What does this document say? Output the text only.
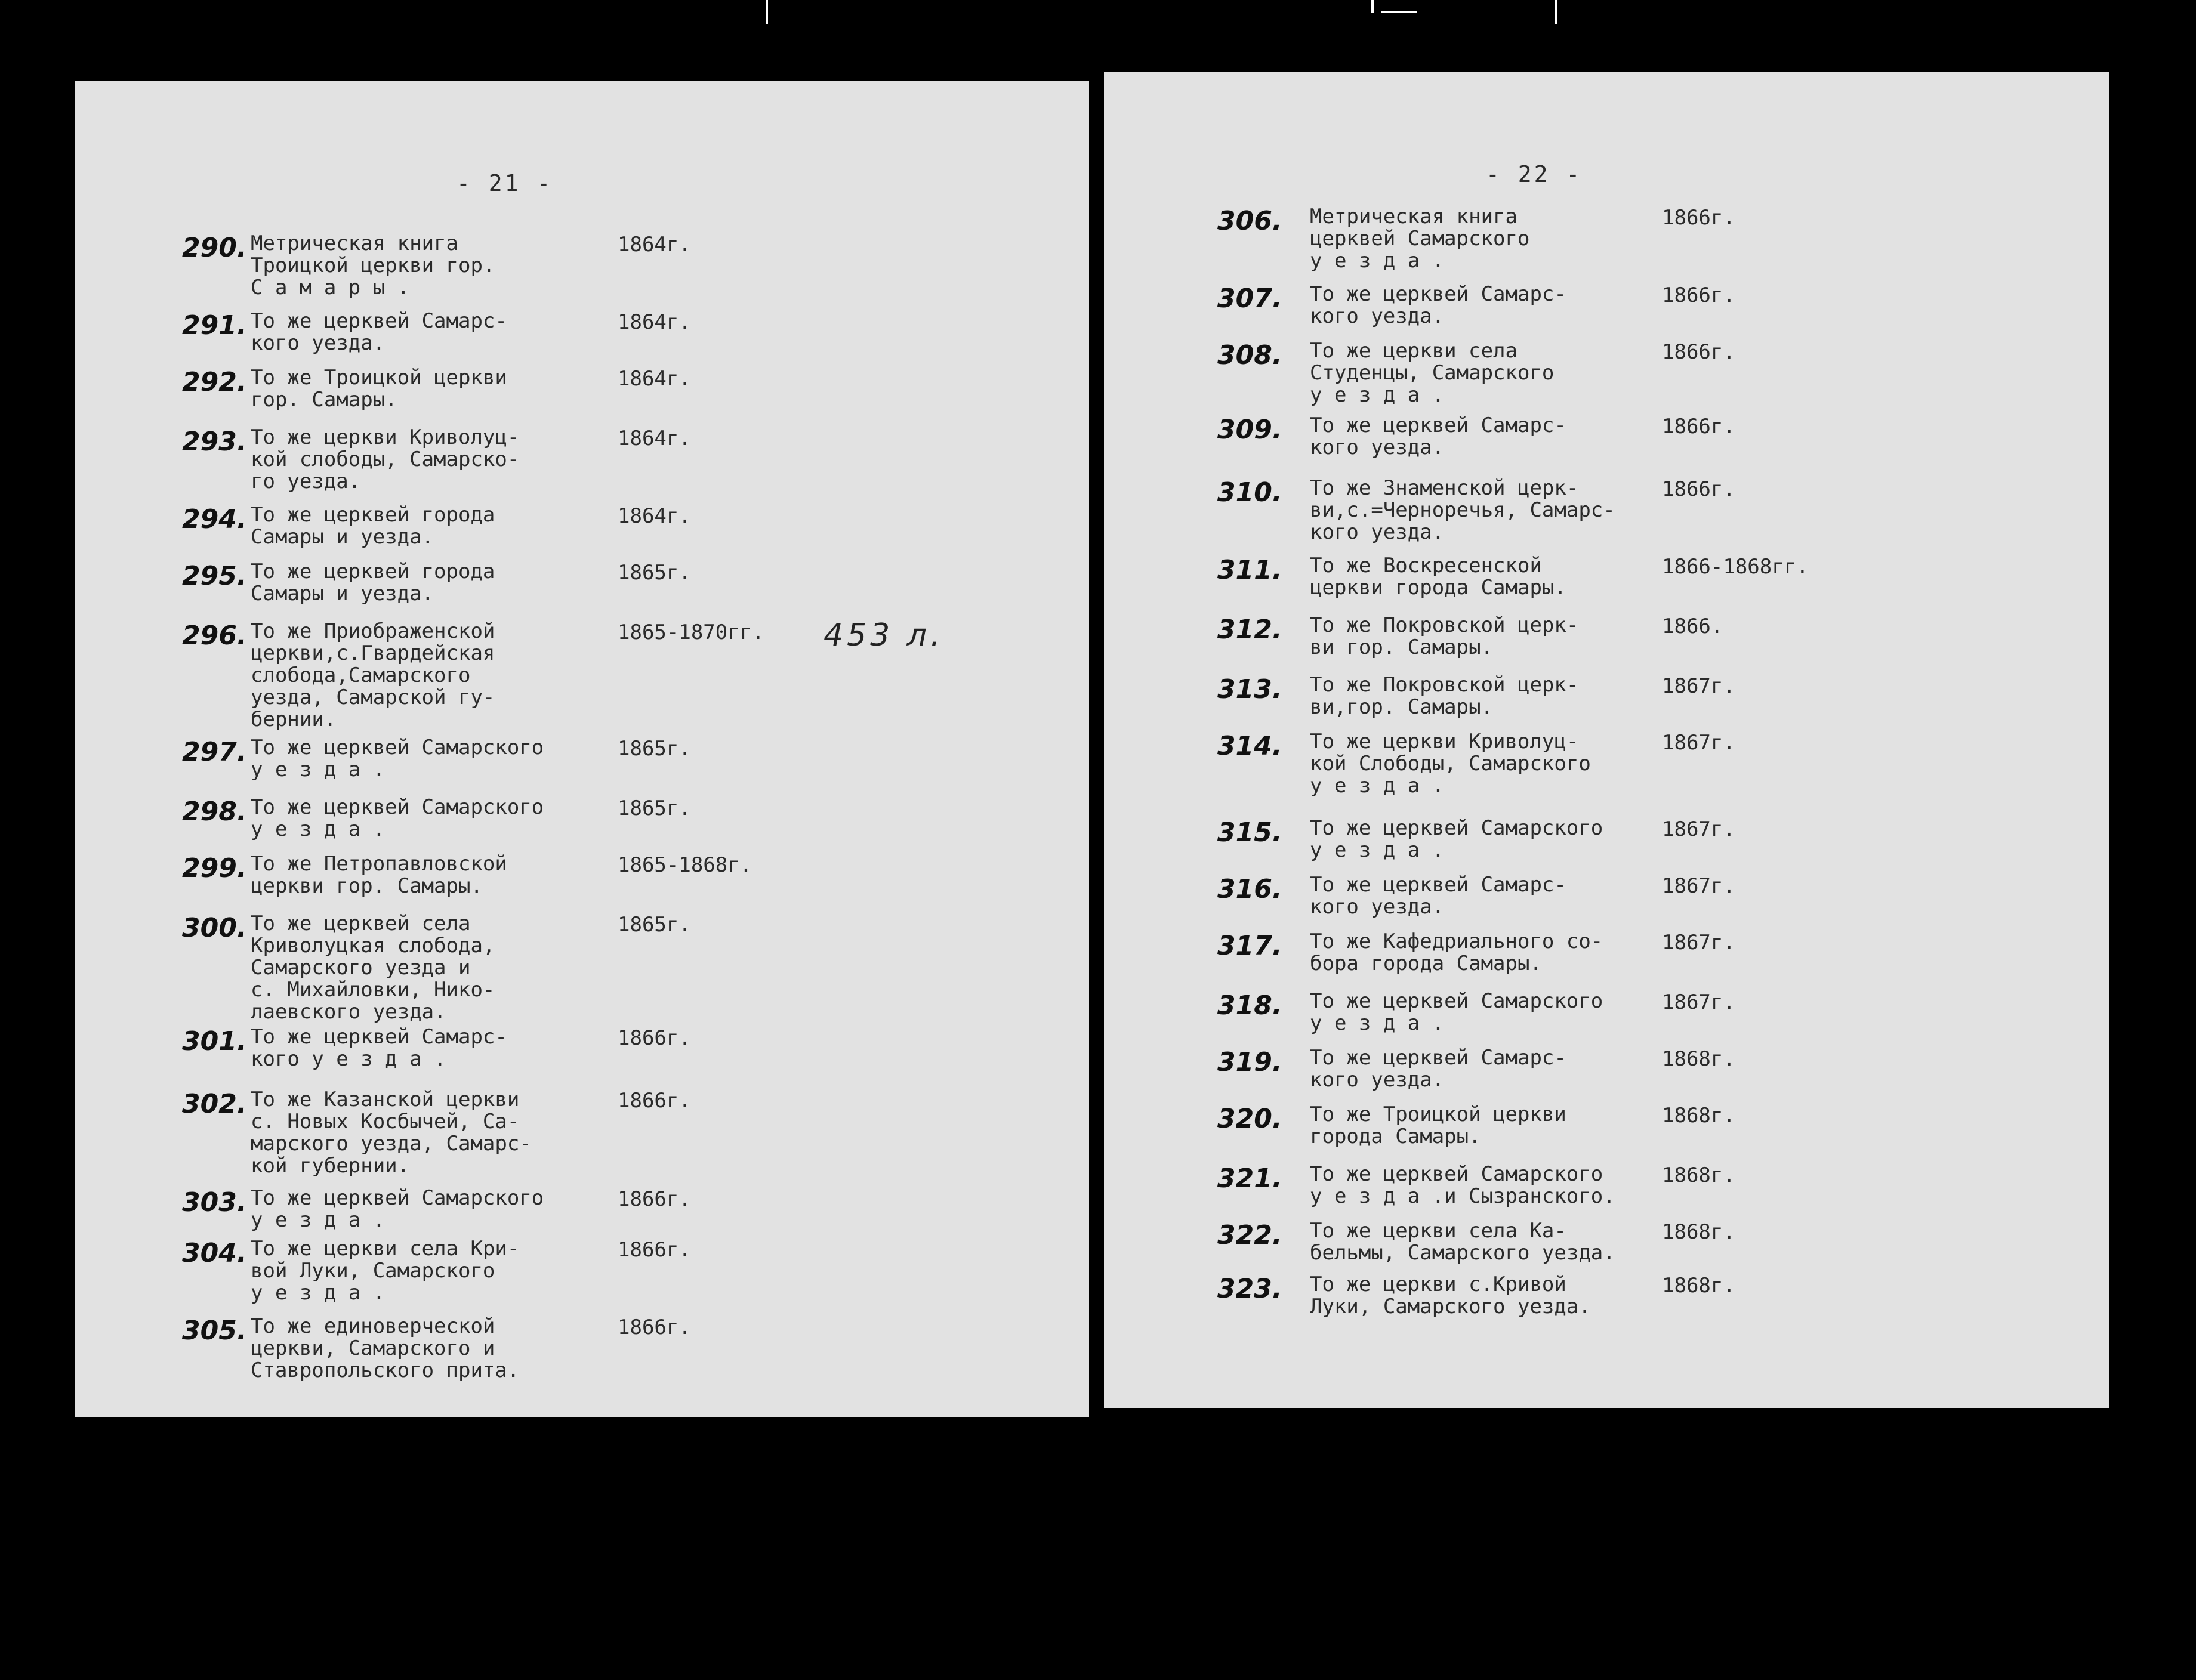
- 21 -
453 л.
290. Метрическая книга
Троицкой церкви гор.
С а м а р ы .
1864г.
291. То же церквей Самарс-
кого уезда.
1864г.
292. То же Троицкой церкви
гор. Самары.
1864г.
293. То же церкви Криволуц-
кой слободы, Самарско-
го уезда.
1864г.
294. То же церквей города
Самары и уезда.
1864г.
295. То же церквей города
Самары и уезда.
1865г.
296. То же Приображенской
церкви,с.Гвардейская
слобода,Самарского
уезда, Самарской гу-
бернии.
1865-1870гг.
297. То же церквей Самарского
у е з д а .
1865г.
298. То же церквей Самарского
у е з д а .
1865г.
299. То же Петропавловской
церкви гор. Самары.
1865-1868г.
300. То же церквей села
Криволуцкая слобода,
Самарского уезда и
с. Михайловки, Нико-
лаевского уезда.
1865г.
301. То же церквей Самарс-
кого у е з д а .
1866г.
302. То же Казанской церкви
с. Новых Косбычей, Са-
марского уезда, Самарс-
кой губернии.
1866г.
303. То же церквей Самарского
у е з д а .
1866г.
304. То же церкви села Кри-
вой Луки, Самарского
у е з д а .
1866г.
305. То же единоверческой
церкви, Самарского и
Ставропольского прита.
1866г.
- 22 -
306. Метрическая книга
церквей Самарского
у е з д а .
1866г.
307. То же церквей Самарс-
кого уезда.
1866г.
308. То же церкви села
Студенцы, Самарского
у е з д а .
1866г.
309. То же церквей Самарс-
кого уезда.
1866г.
310. То же Знаменской церк-
ви,с.=Черноречья, Самарс-
кого уезда.
1866г.
311. То же Воскресенской
церкви города Самары.
1866-1868гг.
312. То же Покровской церк-
ви гор. Самары.
1866.
313. То же Покровской церк-
ви,гор. Самары.
1867г.
314. То же церкви Криволуц-
кой Слободы, Самарского
у е з д а .
1867г.
315. То же церквей Самарского
у е з д а .
1867г.
316. То же церквей Самарс-
кого уезда.
1867г.
317. То же Кафедриального со-
бора города Самары.
1867г.
318. То же церквей Самарского
у е з д а .
1867г.
319. То же церквей Самарс-
кого уезда.
1868г.
320. То же Троицкой церкви
города Самары.
1868г.
321. То же церквей Самарского
у е з д а .и Сызранского.
1868г.
322. То же церкви села Ка-
бельмы, Самарского уезда.
1868г.
323. То же церкви с.Кривой
Луки, Самарского уезда.
1868г.
